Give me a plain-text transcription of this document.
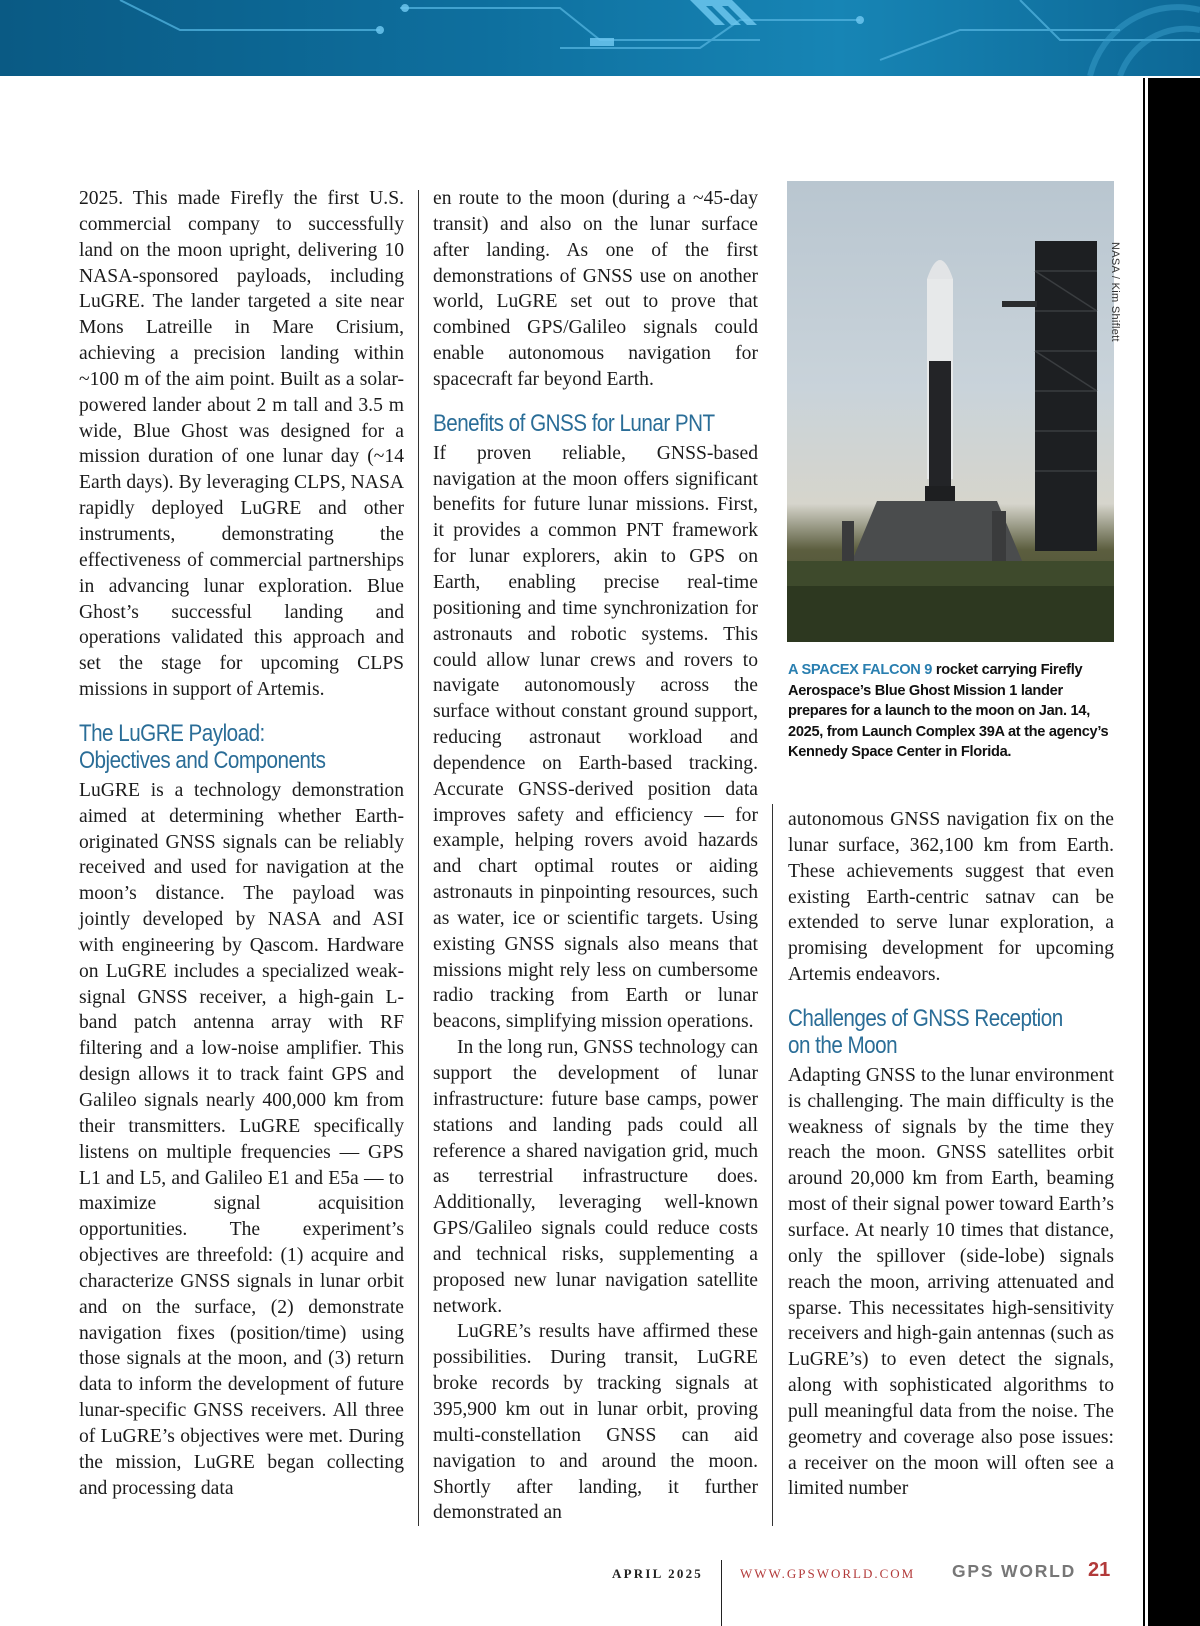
2025. This made Firefly the first U.S. commercial company to successfully land on the moon upright, delivering 10 NASA-sponsored payloads, including LuGRE. The lander targeted a site near Mons Latreille in Mare Crisium, achieving a precision landing within ~100 m of the aim point. Built as a solar-powered lander about 2 m tall and 3.5 m wide, Blue Ghost was designed for a mission duration of one lunar day (~14 Earth days). By leveraging CLPS, NASA rapidly deployed LuGRE and other instruments, demonstrating the effectiveness of commercial partnerships in advancing lunar exploration. Blue Ghost’s successful landing and operations validated this approach and set the stage for upcoming CLPS missions in support of Artemis.

The LuGRE Payload:
Objectives and Components

LuGRE is a technology demonstration aimed at determining whether Earth-originated GNSS signals can be reliably received and used for navigation at the moon’s distance. The payload was jointly developed by NASA and ASI with engineering by Qascom. Hardware on LuGRE includes a specialized weak-signal GNSS receiver, a high-gain L-band patch antenna array with RF filtering and a low-noise amplifier. This design allows it to track faint GPS and Galileo signals nearly 400,000 km from their transmitters. LuGRE specifically listens on multiple frequencies — GPS L1 and L5, and Galileo E1 and E5a — to maximize signal acquisition opportunities. The experiment’s objectives are threefold: (1) acquire and characterize GNSS signals in lunar orbit and on the surface, (2) demonstrate navigation fixes (position/time) using those signals at the moon, and (3) return data to inform the development of future lunar-specific GNSS receivers. All three of LuGRE’s objectives were met. During the mission, LuGRE began collecting and processing data

en route to the moon (during a ~45-day transit) and also on the lunar surface after landing. As one of the first demonstrations of GNSS use on another world, LuGRE set out to prove that combined GPS/Galileo signals could enable autonomous navigation for spacecraft far beyond Earth.

Benefits of GNSS for Lunar PNT

If proven reliable, GNSS-based navigation at the moon offers significant benefits for future lunar missions. First, it provides a common PNT framework for lunar explorers, akin to GPS on Earth, enabling precise real-time positioning and time synchronization for astronauts and robotic systems. This could allow lunar crews and rovers to navigate autonomously across the surface without constant ground support, reducing astronaut workload and dependence on Earth-based tracking. Accurate GNSS-derived position data improves safety and efficiency — for example, helping rovers avoid hazards and chart optimal routes or aiding astronauts in pinpointing resources, such as water, ice or scientific targets. Using existing GNSS signals also means that missions might rely less on cumbersome radio tracking from Earth or lunar beacons, simplifying mission operations.

In the long run, GNSS technology can support the development of lunar infrastructure: future base camps, power stations and landing pads could all reference a shared navigation grid, much as terrestrial infrastructure does. Additionally, leveraging well-known GPS/Galileo signals could reduce costs and technical risks, supplementing a proposed new lunar navigation satellite network.

LuGRE’s results have affirmed these possibilities. During transit, LuGRE broke records by tracking signals at 395,900 km out in lunar orbit, proving multi-constellation GNSS can aid navigation to and around the moon. Shortly after landing, it further demonstrated an

NASA / Kim Shiflett
A SPACEX FALCON 9 rocket carrying Firefly Aerospace’s Blue Ghost Mission 1 lander prepares for a launch to the moon on Jan. 14, 2025, from Launch Complex 39A at the agency’s Kennedy Space Center in Florida.

autonomous GNSS navigation fix on the lunar surface, 362,100 km from Earth. These achievements suggest that even existing Earth-centric satnav can be extended to serve lunar exploration, a promising development for upcoming Artemis endeavors.

Challenges of GNSS Reception
on the Moon

Adapting GNSS to the lunar environment is challenging. The main difficulty is the weakness of signals by the time they reach the moon. GNSS satellites orbit around 20,000 km from Earth, beaming most of their signal power toward Earth’s surface. At nearly 10 times that distance, only the spillover (side-lobe) signals reach the moon, arriving attenuated and sparse. This necessitates high-sensitivity receivers and high-gain antennas (such as LuGRE’s) to even detect the signals, along with sophisticated algorithms to pull meaningful data from the noise. The geometry and coverage also pose issues: a receiver on the moon will often see a limited number

APRIL 2025	WWW.GPSWORLD.COM GPS WORLD 21
